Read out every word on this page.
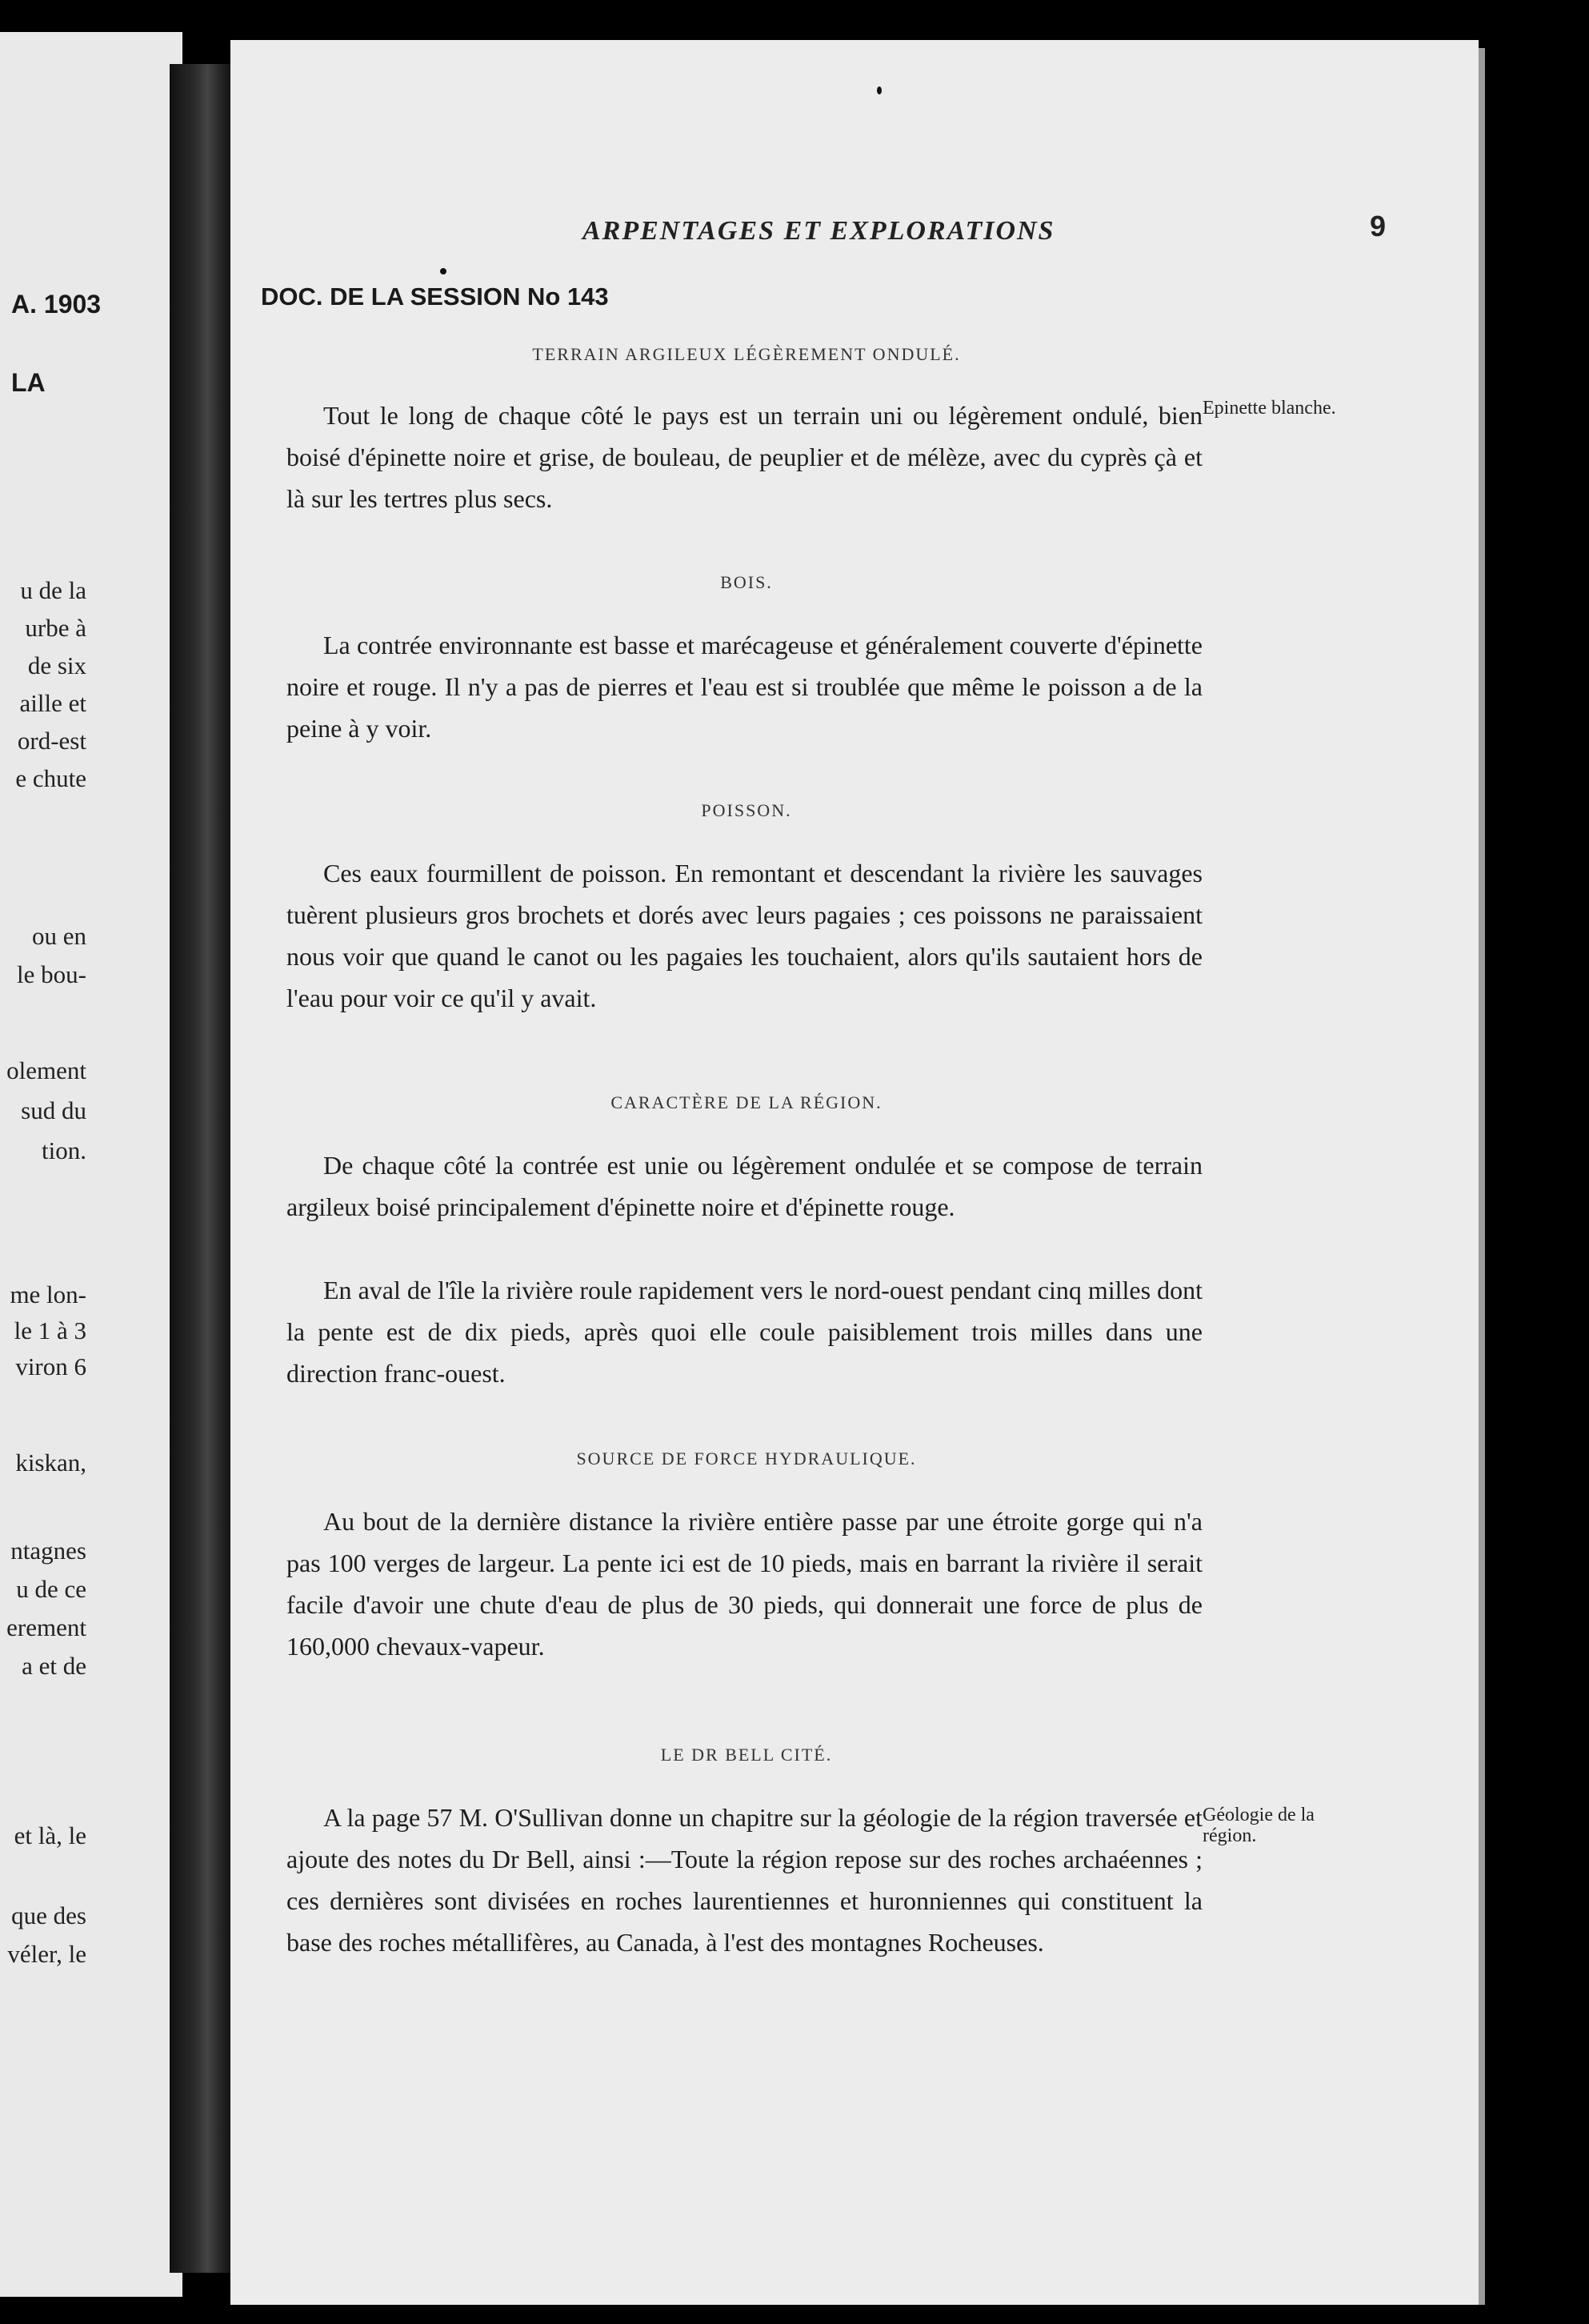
A. 1903
LA
u de la
urbe à
de six
aille et
ord-est
e chute
ou en
le bou-
olement
sud du
tion.
me lon-
le 1 à 3
viron 6
kiskan,
ntagnes
u de ce
erement
a et de
et là, le
que des
véler, le
ARPENTAGES ET EXPLORATIONS	9
DOC. DE LA SESSION No 143
TERRAIN ARGILEUX LÉGÈREMENT ONDULÉ.

Tout le long de chaque côté le pays est un terrain uni ou légèrement ondulé, bien boisé d'épinette noire et grise, de bouleau, de peuplier et de mélèze, avec du cyprès çà et là sur les tertres plus secs.

Epinette blanche.
BOIS.

La contrée environnante est basse et marécageuse et généralement couverte d'épinette noire et rouge. Il n'y a pas de pierres et l'eau est si troublée que même le poisson a de la peine à y voir.

POISSON.

Ces eaux fourmillent de poisson. En remontant et descendant la rivière les sauvages tuèrent plusieurs gros brochets et dorés avec leurs pagaies ; ces poissons ne paraissaient nous voir que quand le canot ou les pagaies les touchaient, alors qu'ils sautaient hors de l'eau pour voir ce qu'il y avait.

CARACTÈRE DE LA RÉGION.

De chaque côté la contrée est unie ou légèrement ondulée et se compose de terrain argileux boisé principalement d'épinette noire et d'épinette rouge.

En aval de l'île la rivière roule rapidement vers le nord-ouest pendant cinq milles dont la pente est de dix pieds, après quoi elle coule paisiblement trois milles dans une direction franc-ouest.

SOURCE DE FORCE HYDRAULIQUE.

Au bout de la dernière distance la rivière entière passe par une étroite gorge qui n'a pas 100 verges de largeur. La pente ici est de 10 pieds, mais en barrant la rivière il serait facile d'avoir une chute d'eau de plus de 30 pieds, qui donnerait une force de plus de 160,000 chevaux-vapeur.

LE DR BELL CITÉ.

A la page 57 M. O'Sullivan donne un chapitre sur la géologie de la région traversée et ajoute des notes du Dr Bell, ainsi :—Toute la région repose sur des roches archaéennes ; ces dernières sont divisées en roches laurentiennes et huronniennes qui constituent la base des roches métallifères, au Canada, à l'est des montagnes Rocheuses.

Géologie de la région.
